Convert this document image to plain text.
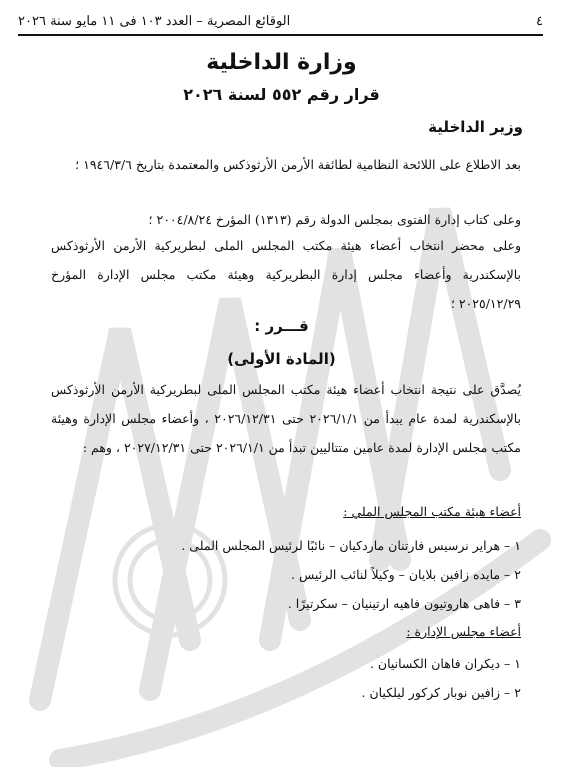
٤
الوقائع المصرية – العدد ١٠٣ فى ١١ مايو سنة ٢٠٢٦
وزارة الداخلية
قرار رقم ٥٥٢ لسنة ٢٠٢٦
وزير الداخلية
بعد الاطلاع على اللائحة النظامية لطائفة الأرمن الأرثوذكس والمعتمدة بتاريخ ١٩٤٦/٣/٦ ؛
وعلى كتاب إدارة الفتوى بمجلس الدولة رقم (١٣١٣) المؤرخ ٢٠٠٤/٨/٢٤ ؛
وعلى محضر انتخاب أعضاء هيئة مكتب المجلس الملى لبطريركية الأرمن الأرثوذكس بالإسكندرية وأعضاء مجلس إدارة البطريركية وهيئة مكتب مجلس الإدارة المؤرخ ٢٠٢٥/١٢/٢٩ ؛
قـــرر :
(المادة الأولى)
يُصدَّق على نتيجة انتخاب أعضاء هيئة مكتب المجلس الملى لبطريركية الأرمن الأرثوذكس بالإسكندرية لمدة عام يبدأ من ٢٠٢٦/١/١ حتى ٢٠٢٦/١٢/٣١ ، وأعضاء مجلس الإدارة وهيئة مكتب مجلس الإدارة لمدة عامين متتاليين تبدأ من ٢٠٢٦/١/١ حتى ٢٠٢٧/١٢/٣١ ، وهم :
أعضاء هيئة مكتب المجلس الملي :
١ – هراير نرسيس فارتنان ماردكيان – نائبًا لرئيس المجلس الملى .
٢ – مايده زافين بلايان – وكيلاً لنائب الرئيس .
٣ – فاهى هاروتيون فاهيه ارتينيان – سكرتيرًا .
أعضاء مجلس الإدارة :
١ – ديكران فاهان الكسانيان .
٢ – زافين نوبار كركور ليلكيان .
